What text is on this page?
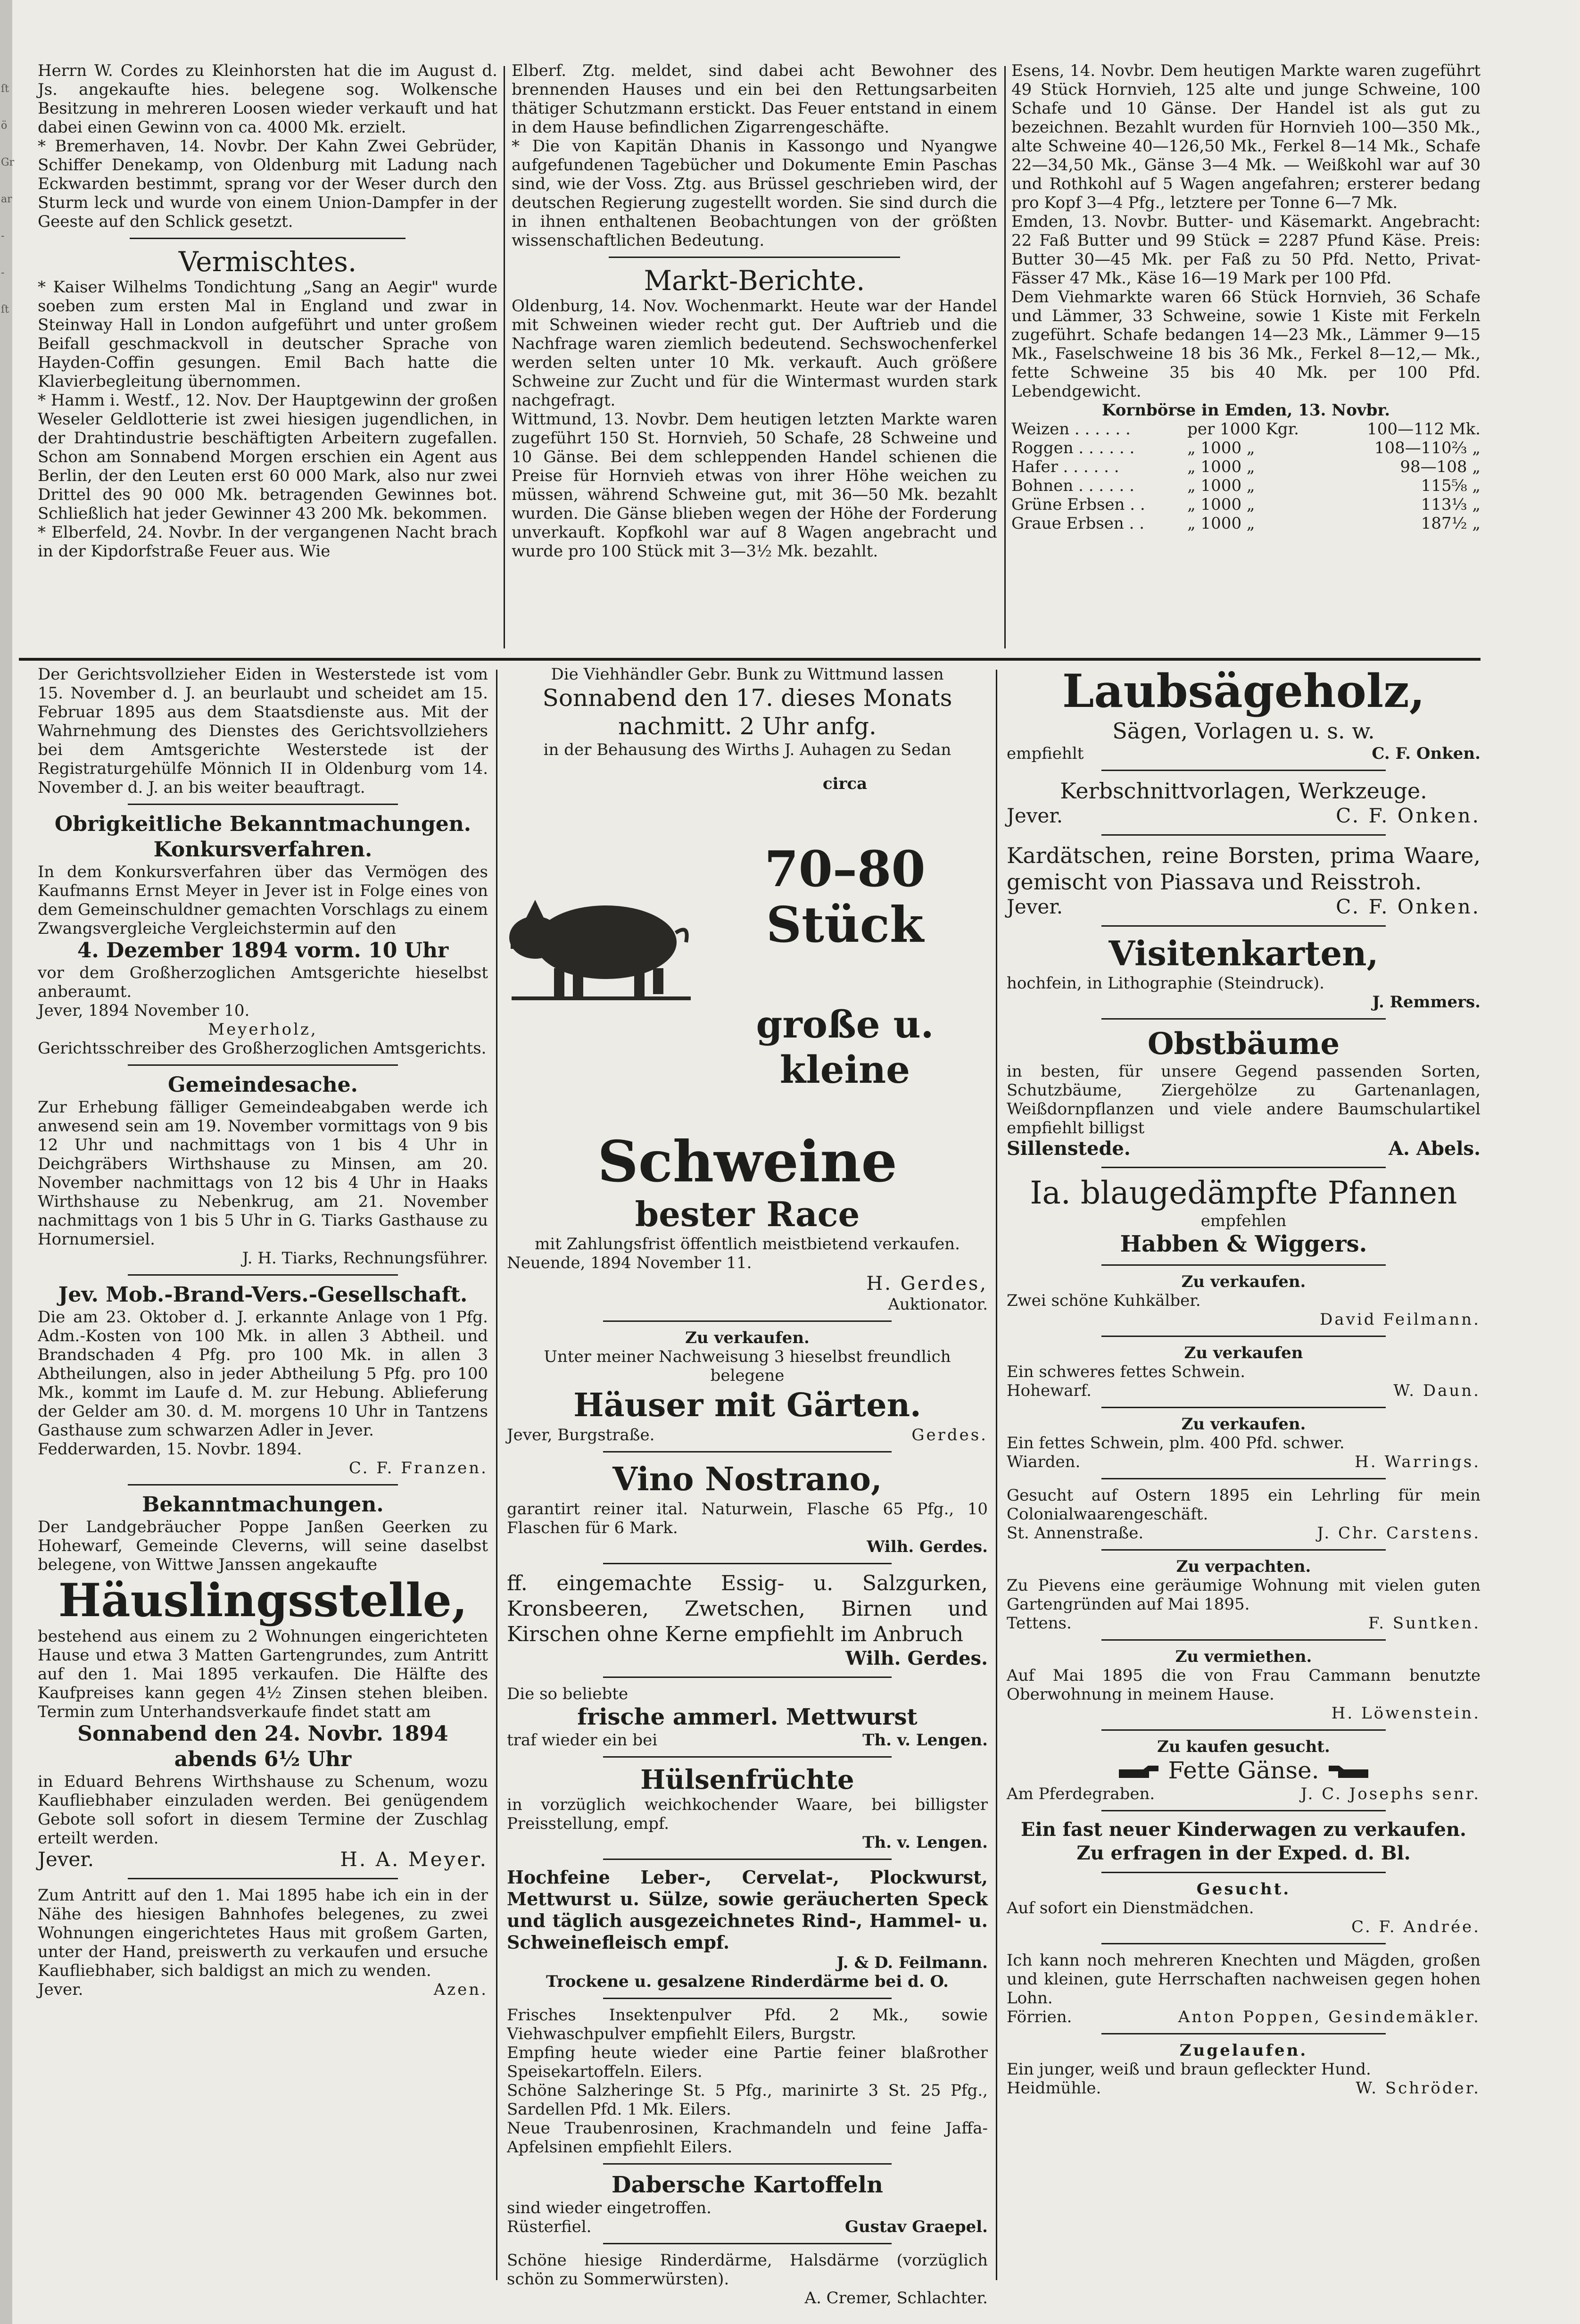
ſt
ö
Gr
ar
-
-
ſt

Herrn W. Cordes zu Kleinhorsten hat die im August d. Js. angekaufte hies. belegene sog. Wolkensche Besitzung in mehreren Loosen wieder verkauft und hat dabei einen Gewinn von ca. 4000 Mk. erzielt.

* Bremerhaven, 14. Novbr. Der Kahn Zwei Gebrüder, Schiffer Denekamp, von Oldenburg mit Ladung nach Eckwarden bestimmt, sprang vor der Weser durch den Sturm leck und wurde von einem Union-Dampfer in der Geeste auf den Schlick gesetzt.

Vermischtes.

* Kaiser Wilhelms Tondichtung „Sang an Aegir" wurde soeben zum ersten Mal in England und zwar in Steinway Hall in London aufgeführt und unter großem Beifall geschmackvoll in deutscher Sprache von Hayden-Coffin gesungen. Emil Bach hatte die Klavierbegleitung übernommen.

* Hamm i. Westf., 12. Nov. Der Hauptgewinn der großen Weseler Geldlotterie ist zwei hiesigen jugendlichen, in der Drahtindustrie beschäftigten Arbeitern zugefallen. Schon am Sonnabend Morgen erschien ein Agent aus Berlin, der den Leuten erst 60 000 Mark, also nur zwei Drittel des 90 000 Mk. betragenden Gewinnes bot. Schließlich hat jeder Gewinner 43 200 Mk. bekommen.

* Elberfeld, 24. Novbr. In der vergangenen Nacht brach in der Kipdorfstraße Feuer aus. Wie

Elberf. Ztg. meldet, sind dabei acht Bewohner des brennenden Hauses und ein bei den Rettungsarbeiten thätiger Schutzmann erstickt. Das Feuer entstand in einem in dem Hause befindlichen Zigarrengeschäfte.

* Die von Kapitän Dhanis in Kassongo und Nyangwe aufgefundenen Tagebücher und Dokumente Emin Paschas sind, wie der Voss. Ztg. aus Brüssel geschrieben wird, der deutschen Regierung zugestellt worden. Sie sind durch die in ihnen enthaltenen Beobachtungen von der größten wissenschaftlichen Bedeutung.

Markt-Berichte.

Oldenburg, 14. Nov. Wochenmarkt. Heute war der Handel mit Schweinen wieder recht gut. Der Auftrieb und die Nachfrage waren ziemlich bedeutend. Sechswochenferkel werden selten unter 10 Mk. verkauft. Auch größere Schweine zur Zucht und für die Wintermast wurden stark nachgefragt.

Wittmund, 13. Novbr. Dem heutigen letzten Markte waren zugeführt 150 St. Hornvieh, 50 Schafe, 28 Schweine und 10 Gänse. Bei dem schleppenden Handel schienen die Preise für Hornvieh etwas von ihrer Höhe weichen zu müssen, während Schweine gut, mit 36—50 Mk. bezahlt wurden. Die Gänse blieben wegen der Höhe der Forderung unverkauft. Kopfkohl war auf 8 Wagen angebracht und wurde pro 100 Stück mit 3—3½ Mk. bezahlt.

Esens, 14. Novbr. Dem heutigen Markte waren zugeführt 49 Stück Hornvieh, 125 alte und junge Schweine, 100 Schafe und 10 Gänse. Der Handel ist als gut zu bezeichnen. Bezahlt wurden für Hornvieh 100—350 Mk., alte Schweine 40—126,50 Mk., Ferkel 8—14 Mk., Schafe 22—34,50 Mk., Gänse 3—4 Mk. — Weißkohl war auf 30 und Rothkohl auf 5 Wagen angefahren; ersterer bedang pro Kopf 3—4 Pfg., letztere per Tonne 6—7 Mk.

Emden, 13. Novbr. Butter- und Käsemarkt. Angebracht: 22 Faß Butter und 99 Stück = 2287 Pfund Käse. Preis: Butter 30—45 Mk. per Faß zu 50 Pfd. Netto, Privat-Fässer 47 Mk., Käse 16—19 Mark per 100 Pfd.

Dem Viehmarkte waren 66 Stück Hornvieh, 36 Schafe und Lämmer, 33 Schweine, sowie 1 Kiste mit Ferkeln zugeführt. Schafe bedangen 14—23 Mk., Lämmer 9—15 Mk., Faselschweine 18 bis 36 Mk., Ferkel 8—12,— Mk., fette Schweine 35 bis 40 Mk. per 100 Pfd. Lebendgewicht.

Kornbörse in Emden, 13. Novbr.

Weizen . . . . . .	per 1000 Kgr.	100—112 Mk.
Roggen . . . . . .	„ 1000 „	108—110⅔ „
Hafer . . . . . .	„ 1000 „	98—108 „
Bohnen . . . . . .	„ 1000 „	115⅝ „
Grüne Erbsen . .	„ 1000 „	113⅓ „
Graue Erbsen . .	„ 1000 „	187½ „

Der Gerichtsvollzieher Eiden in Westerstede ist vom 15. November d. J. an beurlaubt und scheidet am 15. Februar 1895 aus dem Staatsdienste aus. Mit der Wahrnehmung des Dienstes des Gerichtsvollziehers bei dem Amtsgerichte Westerstede ist der Registraturgehülfe Mönnich II in Oldenburg vom 14. November d. J. an bis weiter beauftragt.

Obrigkeitliche Bekanntmachungen.

Konkursverfahren.

In dem Konkursverfahren über das Vermögen des Kaufmanns Ernst Meyer in Jever ist in Folge eines von dem Gemeinschuldner gemachten Vorschlags zu einem Zwangsvergleiche Vergleichstermin auf den

4. Dezember 1894 vorm. 10 Uhr

vor dem Großherzoglichen Amtsgerichte hieselbst anberaumt.

Jever, 1894 November 10.

Meyerholz,

Gerichtsschreiber des Großherzoglichen Amtsgerichts.

Gemeindesache.

Zur Erhebung fälliger Gemeindeabgaben werde ich anwesend sein am 19. November vormittags von 9 bis 12 Uhr und nachmittags von 1 bis 4 Uhr in Deichgräbers Wirthshause zu Minsen, am 20. November nachmittags von 12 bis 4 Uhr in Haaks Wirthshause zu Nebenkrug, am 21. November nachmittags von 1 bis 5 Uhr in G. Tiarks Gasthause zu Hornumersiel.

J. H. Tiarks, Rechnungsführer.

Jev. Mob.-Brand-Vers.-Gesellschaft.

Die am 23. Oktober d. J. erkannte Anlage von 1 Pfg. Adm.-Kosten von 100 Mk. in allen 3 Abtheil. und Brandschaden 4 Pfg. pro 100 Mk. in allen 3 Abtheilungen, also in jeder Abtheilung 5 Pfg. pro 100 Mk., kommt im Laufe d. M. zur Hebung. Ablieferung der Gelder am 30. d. M. morgens 10 Uhr in Tantzens Gasthause zum schwarzen Adler in Jever.

Fedderwarden, 15. Novbr. 1894.

C. F. Franzen.

Bekanntmachungen.

Der Landgebräucher Poppe Janßen Geerken zu Hohewarf, Gemeinde Cleverns, will seine daselbst belegene, von Wittwe Janssen angekaufte

Häuslingsstelle,

bestehend aus einem zu 2 Wohnungen eingerichteten Hause und etwa 3 Matten Gartengrundes, zum Antritt auf den 1. Mai 1895 verkaufen. Die Hälfte des Kaufpreises kann gegen 4½ Zinsen stehen bleiben. Termin zum Unterhandsverkaufe findet statt am

Sonnabend den 24. Novbr. 1894

abends 6½ Uhr

in Eduard Behrens Wirthshause zu Schenum, wozu Kaufliebhaber einzuladen werden. Bei genügendem Gebote soll sofort in diesem Termine der Zuschlag erteilt werden.

Jever.	H. A. Meyer.

Zum Antritt auf den 1. Mai 1895 habe ich ein in der Nähe des hiesigen Bahnhofes belegenes, zu zwei Wohnungen eingerichtetes Haus mit großem Garten, unter der Hand, preiswerth zu verkaufen und ersuche Kaufliebhaber, sich baldigst an mich zu wenden.

Jever.	Azen.

Die Viehhändler Gebr. Bunk zu Wittmund lassen

Sonnabend den 17. dieses Monats

nachmitt. 2 Uhr anfg.

in der Behausung des Wirths J. Auhagen zu Sedan

circa

70–80 Stück

große u. kleine

Schweine

bester Race

mit Zahlungsfrist öffentlich meistbietend verkaufen.

Neuende, 1894 November 11.

H. Gerdes,

Auktionator.

Zu verkaufen.

Unter meiner Nachweisung 3 hieselbst freundlich belegene

Häuser mit Gärten.

Jever, Burgstraße.	Gerdes.

Vino Nostrano,

garantirt reiner ital. Naturwein, Flasche 65 Pfg., 10 Flaschen für 6 Mark.

Wilh. Gerdes.

ff. eingemachte Essig- u. Salzgurken, Kronsbeeren, Zwetschen, Birnen und Kirschen ohne Kerne empfiehlt im Anbruch

Wilh. Gerdes.

Die so beliebte

frische ammerl. Mettwurst

traf wieder ein bei	Th. v. Lengen.

Hülsenfrüchte

in vorzüglich weichkochender Waare, bei billigster Preisstellung, empf.

Th. v. Lengen.

Hochfeine Leber-, Cervelat-, Plockwurst, Mettwurst u. Sülze, sowie geräucherten Speck und täglich ausgezeichnetes Rind-, Hammel- u. Schweinefleisch empf.

J. & D. Feilmann.

Trockene u. gesalzene Rinderdärme bei d. O.

Frisches Insektenpulver Pfd. 2 Mk., sowie Viehwaschpulver empfiehlt Eilers, Burgstr.

Empfing heute wieder eine Partie feiner blaßrother Speisekartoffeln. Eilers.

Schöne Salzheringe St. 5 Pfg., marinirte 3 St. 25 Pfg., Sardellen Pfd. 1 Mk. Eilers.

Neue Traubenrosinen, Krachmandeln und feine Jaffa-Apfelsinen empfiehlt Eilers.

Dabersche Kartoffeln

sind wieder eingetroffen.

Rüsterfiel.	Gustav Graepel.

Schöne hiesige Rinderdärme, Halsdärme (vorzüglich schön zu Sommerwürsten).

A. Cremer, Schlachter.

Laubsägeholz,

Sägen, Vorlagen u. s. w.

empfiehlt	C. F. Onken.

Kerbschnittvorlagen, Werkzeuge.

Jever.	C. F. Onken.

Kardätschen, reine Borsten, prima Waare, gemischt von Piassava und Reisstroh.

Jever.	C. F. Onken.

Visitenkarten,

hochfein, in Lithographie (Steindruck).

J. Remmers.

Obstbäume

in besten, für unsere Gegend passenden Sorten, Schutzbäume, Ziergehölze zu Gartenanlagen, Weißdornpflanzen und viele andere Baumschulartikel empfiehlt billigst

Sillenstede.	A. Abels.

Ia. blaugedämpfte Pfannen

empfehlen

Habben & Wiggers.

Zu verkaufen.

Zwei schöne Kuhkälber.

David Feilmann.

Zu verkaufen

Ein schweres fettes Schwein.

Hohewarf.	W. Daun.

Zu verkaufen.

Ein fettes Schwein, plm. 400 Pfd. schwer.

Wiarden.	H. Warrings.

Gesucht auf Ostern 1895 ein Lehrling für mein Colonialwaarengeschäft.

St. Annenstraße.	J. Chr. Carstens.

Zu verpachten.

Zu Pievens eine geräumige Wohnung mit vielen guten Gartengründen auf Mai 1895.

Tettens.	F. Suntken.

Zu vermiethen.

Auf Mai 1895 die von Frau Cammann benutzte Oberwohnung in meinem Hause.

H. Löwenstein.

Zu kaufen gesucht.

Fette Gänse.

Am Pferdegraben.	J. C. Josephs senr.

Ein fast neuer Kinderwagen zu verkaufen.

Zu erfragen in der Exped. d. Bl.

Gesucht.

Auf sofort ein Dienstmädchen.

C. F. Andrée.

Ich kann noch mehreren Knechten und Mägden, großen und kleinen, gute Herrschaften nachweisen gegen hohen Lohn.

Förrien.	Anton Poppen, Gesindemäkler.

Zugelaufen.

Ein junger, weiß und braun gefleckter Hund.

Heidmühle.	W. Schröder.
